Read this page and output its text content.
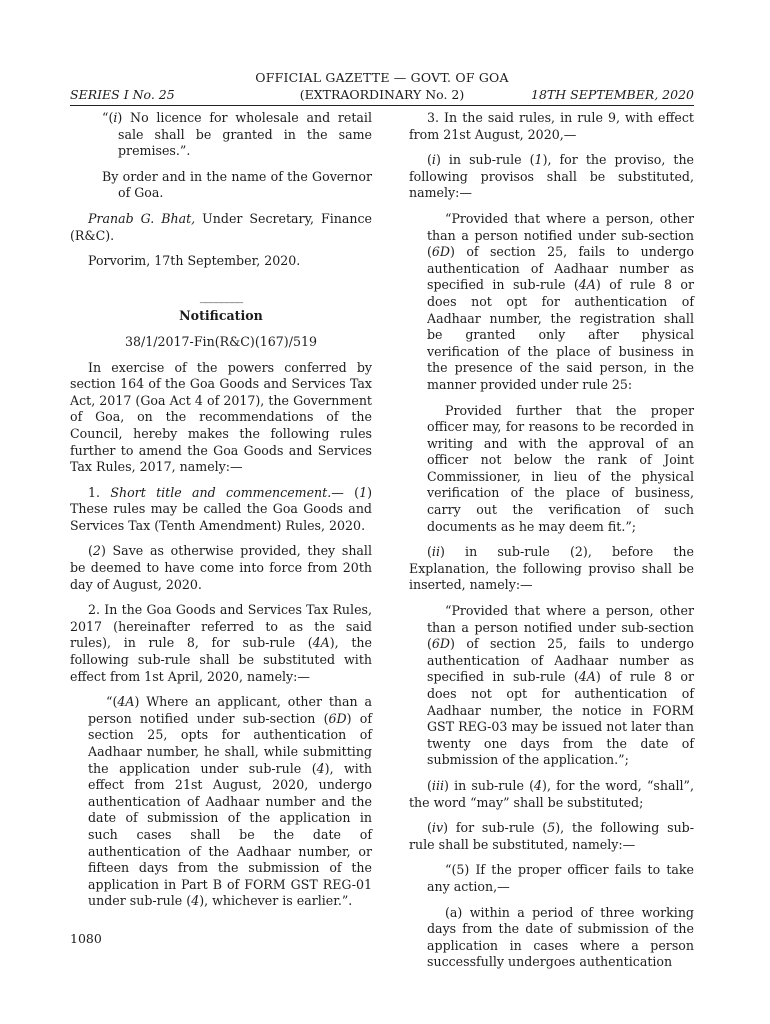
OFFICIAL GAZETTE — GOVT. OF GOA
(EXTRAORDINARY No. 2)
SERIES I No. 25	18TH SEPTEMBER, 2020

“(i) No licence for wholesale and retail sale shall be granted in the same premises.”.

By order and in the name of the Governor of Goa.

Pranab G. Bhat, Under Secretary, Finance (R&C).

Porvorim, 17th September, 2020.

________

Notification

38/1/2017-Fin(R&C)(167)/519

In exercise of the powers conferred by section 164 of the Goa Goods and Services Tax Act, 2017 (Goa Act 4 of 2017), the Government of Goa, on the recommendations of the Council, hereby makes the following rules further to amend the Goa Goods and Services Tax Rules, 2017, namely:—

1. Short title and commencement.— (1) These rules may be called the Goa Goods and Services Tax (Tenth Amendment) Rules, 2020.

(2) Save as otherwise provided, they shall be deemed to have come into force from 20th day of August, 2020.

2. In the Goa Goods and Services Tax Rules, 2017 (hereinafter referred to as the said rules), in rule 8, for sub-rule (4A), the following sub-rule shall be substituted with effect from 1st April, 2020, namely:—

“(4A) Where an applicant, other than a person notified under sub-section (6D) of section 25, opts for authentication of Aadhaar number, he shall, while submitting the application under sub-rule (4), with effect from 21st August, 2020, undergo authentication of Aadhaar number and the date of submission of the application in such cases shall be the date of authentication of the Aadhaar number, or fifteen days from the submission of the application in Part B of FORM GST REG-01 under sub-rule (4), whichever is earlier.”.

3. In the said rules, in rule 9, with effect from 21st August, 2020,—

(i) in sub-rule (1), for the proviso, the following provisos shall be substituted, namely:—

“Provided that where a person, other than a person notified under sub-section (6D) of section 25, fails to undergo authentication of Aadhaar number as specified in sub-rule (4A) of rule 8 or does not opt for authentication of Aadhaar number, the registration shall be granted only after physical verification of the place of business in the presence of the said person, in the manner provided under rule 25:

Provided further that the proper officer may, for reasons to be recorded in writing and with the approval of an officer not below the rank of Joint Commissioner, in lieu of the physical verification of the place of business, carry out the verification of such documents as he may deem fit.”;

(ii) in sub-rule (2), before the Explanation, the following proviso shall be inserted, namely:—

“Provided that where a person, other than a person notified under sub-section (6D) of section 25, fails to undergo authentication of Aadhaar number as specified in sub-rule (4A) of rule 8 or does not opt for authentication of Aadhaar number, the notice in FORM GST REG-03 may be issued not later than twenty one days from the date of submission of the application.”;

(iii) in sub-rule (4), for the word, “shall”, the word “may” shall be substituted;

(iv) for sub-rule (5), the following sub-rule shall be substituted, namely:—

“(5) If the proper officer fails to take any action,—

(a) within a period of three working days from the date of submission of the application in cases where a person successfully undergoes authentication

1080
